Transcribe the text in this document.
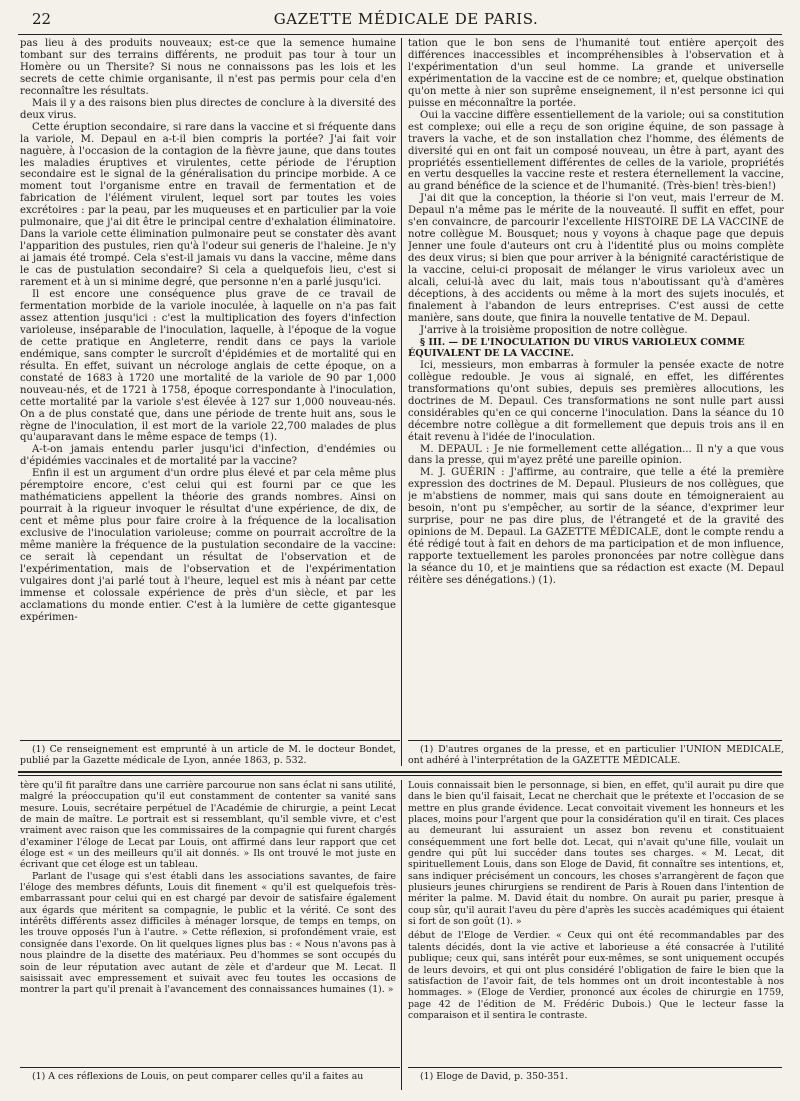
22	GAZETTE MÉDICALE DE PARIS.

pas lieu à des produits nouveaux; est-ce que la semence humaine tombant sur des terrains différents, ne produit pas tour à tour un Homère ou un Thersite? Si nous ne connaissons pas les lois et les secrets de cette chimie organisante, il n'est pas permis pour cela d'en reconnaître les résultats.

Mais il y a des raisons bien plus directes de conclure à la diversité des deux virus.

Cette éruption secondaire, si rare dans la vaccine et si fréquente dans la variole, M. Depaul en a-t-il bien compris la portée? J'ai fait voir naguère, à l'occasion de la contagion de la fièvre jaune, que dans toutes les maladies éruptives et virulentes, cette période de l'éruption secondaire est le signal de la généralisation du principe morbide. A ce moment tout l'organisme entre en travail de fermentation et de fabrication de l'élément virulent, lequel sort par toutes les voies excrétoires : par la peau, par les muqueuses et en particulier par la voie pulmonaire, que j'ai dit être le principal centre d'exhalation éliminatoire. Dans la variole cette élimination pulmonaire peut se constater dès avant l'apparition des pustules, rien qu'à l'odeur sui generis de l'haleine. Je n'y ai jamais été trompé. Cela s'est-il jamais vu dans la vaccine, même dans le cas de pustulation secondaire? Si cela a quelquefois lieu, c'est si rarement et à un si minime degré, que personne n'en a parlé jusqu'ici.

Il est encore une conséquence plus grave de ce travail de fermentation morbide de la variole inoculée, à laquelle on n'a pas fait assez attention jusqu'ici : c'est la multiplication des foyers d'infection varioleuse, inséparable de l'inoculation, laquelle, à l'époque de la vogue de cette pratique en Angleterre, rendit dans ce pays la variole endémique, sans compter le surcroît d'épidémies et de mortalité qui en résulta. En effet, suivant un nécrologe anglais de cette époque, on a constaté de 1683 à 1720 une mortalité de la variole de 90 par 1,000 nouveau-nés, et de 1721 à 1758, époque correspondante à l'inoculation, cette mortalité par la variole s'est élevée à 127 sur 1,000 nouveau-nés. On a de plus constaté que, dans une période de trente huit ans, sous le règne de l'inoculation, il est mort de la variole 22,700 malades de plus qu'auparavant dans le même espace de temps (1).

A-t-on jamais entendu parler jusqu'ici d'infection, d'endémies ou d'épidémies vaccinales et de mortalité par la vaccine?

Enfin il est un argument d'un ordre plus élevé et par cela même plus péremptoire encore, c'est celui qui est fourni par ce que les mathématiciens appellent la théorie des grands nombres. Ainsi on pourrait à la rigueur invoquer le résultat d'une expérience, de dix, de cent et même plus pour faire croire à la fréquence de la localisation exclusive de l'inoculation varioleuse; comme on pourrait accroître de la même manière la fréquence de la pustulation secondaire de la vaccine: ce serait là cependant un résultat de l'observation et de l'expérimentation, mais de l'observation et de l'expérimentation vulgaires dont j'ai parlé tout à l'heure, lequel est mis à néant par cette immense et colossale expérience de près d'un siècle, et par les acclamations du monde entier. C'est à la lumière de cette gigantesque expérimen-

tation que le bon sens de l'humanité tout entière aperçoit des différences inaccessibles et incompréhensibles à l'observation et à l'expérimentation d'un seul homme. La grande et universelle expérimentation de la vaccine est de ce nombre; et, quelque obstination qu'on mette à nier son suprême enseignement, il n'est personne ici qui puisse en méconnaître la portée.

Oui la vaccine diffère essentiellement de la variole; oui sa constitution est complexe; oui elle a reçu de son origine équine, de son passage à travers la vache, et de son installation chez l'homme, des éléments de diversité qui en ont fait un composé nouveau, un être à part, ayant des propriétés essentiellement différentes de celles de la variole, propriétés en vertu desquelles la vaccine reste et restera éternellement la vaccine, au grand bénéfice de la science et de l'humanité. (Très-bien! très-bien!)

J'ai dit que la conception, la théorie si l'on veut, mais l'erreur de M. Depaul n'a même pas le mérite de la nouveauté. Il suffit en effet, pour s'en convaincre, de parcourir l'excellente HISTOIRE DE LA VACCINE de notre collègue M. Bousquet; nous y voyons à chaque page que depuis Jenner une foule d'auteurs ont cru à l'identité plus ou moins complète des deux virus; si bien que pour arriver à la bénignité caractéristique de la vaccine, celui-ci proposait de mélanger le virus varioleux avec un alcali, celui-là avec du lait, mais tous n'aboutissant qu'à d'amères déceptions, à des accidents ou même à la mort des sujets inoculés, et finalement à l'abandon de leurs entreprises. C'est aussi de cette manière, sans doute, que finira la nouvelle tentative de M. Depaul.

J'arrive à la troisième proposition de notre collègue.

§ III. — DE L'INOCULATION DU VIRUS VARIOLEUX COMME ÉQUIVALENT DE LA VACCINE.

Ici, messieurs, mon embarras à formuler la pensée exacte de notre collègue redouble. Je vous ai signalé, en effet, les différentes transformations qu'ont subies, depuis ses premières allocutions, les doctrines de M. Depaul. Ces transformations ne sont nulle part aussi considérables qu'en ce qui concerne l'inoculation. Dans la séance du 10 décembre notre collègue a dit formellement que depuis trois ans il en était revenu à l'idée de l'inoculation.

M. DEPAUL : Je nie formellement cette allégation... Il n'y a que vous dans la presse, qui m'ayez prêté une pareille opinion.

M. J. GUÉRIN : J'affirme, au contraire, que telle a été la première expression des doctrines de M. Depaul. Plusieurs de nos collègues, que je m'abstiens de nommer, mais qui sans doute en témoigneraient au besoin, n'ont pu s'empêcher, au sortir de la séance, d'exprimer leur surprise, pour ne pas dire plus, de l'étrangeté et de la gravité des opinions de M. Depaul. La GAZETTE MÉDICALE, dont le compte rendu a été rédigé tout à fait en dehors de ma participation et de mon influence, rapporte textuellement les paroles prononcées par notre collègue dans la séance du 10, et je maintiens que sa rédaction est exacte (M. Depaul réitère ses dénégations.) (1).

(1) Ce renseignement est emprunté à un article de M. le docteur Bondet, publié par la Gazette médicale de Lyon, année 1863, p. 532.

(1) D'autres organes de la presse, et en particulier l'UNION MÉDICALE, ont adhéré à l'interprétation de la GAZETTE MÉDICALE.

tère qu'il fit paraître dans une carrière parcourue non sans éclat ni sans utilité, malgré la préoccupation qu'il eut constamment de contenter sa vanité sans mesure. Louis, secrétaire perpétuel de l'Académie de chirurgie, a peint Lecat de main de maître. Le portrait est si ressemblant, qu'il semble vivre, et c'est vraiment avec raison que les commissaires de la compagnie qui furent chargés d'examiner l'éloge de Lecat par Louis, ont affirmé dans leur rapport que cet éloge est « un des meilleurs qu'il ait donnés. » Ils ont trouvé le mot juste en écrivant que cet éloge est un tableau.

Parlant de l'usage qui s'est établi dans les associations savantes, de faire l'éloge des membres défunts, Louis dit finement « qu'il est quelquefois très-embarrassant pour celui qui en est chargé par devoir de satisfaire également aux égards que méritent sa compagnie, le public et la vérité. Ce sont des intérêts différents assez difficiles à ménager lorsque, de temps en temps, on les trouve opposés l'un à l'autre. » Cette réflexion, si profondément vraie, est consignée dans l'exorde. On lit quelques lignes plus bas : « Nous n'avons pas à nous plaindre de la disette des matériaux. Peu d'hommes se sont occupés du soin de leur réputation avec autant de zèle et d'ardeur que M. Lecat. Il saisissait avec empressement et suivait avec feu toutes les occasions de montrer la part qu'il prenait à l'avancement des connaissances humaines (1). »

Louis connaissait bien le personnage, si bien, en effet, qu'il aurait pu dire que dans le bien qu'il faisait, Lecat ne cherchait que le prétexte et l'occasion de se mettre en plus grande évidence. Lecat convoitait vivement les honneurs et les places, moins pour l'argent que pour la considération qu'il en tirait. Ces places au demeurant lui assuraient un assez bon revenu et constituaient conséquemment une fort belle dot. Lecat, qui n'avait qu'une fille, voulait un gendre qui pût lui succéder dans toutes ses charges. « M. Lecat, dit spirituellement Louis, dans son Eloge de David, fit connaître ses intentions, et, sans indiquer précisément un concours, les choses s'arrangèrent de façon que plusieurs jeunes chirurgiens se rendirent de Paris à Rouen dans l'intention de mériter la palme. M. David était du nombre. On aurait pu parier, presque à coup sûr, qu'il aurait l'aveu du père d'après les succès académiques qui étaient si fort de son goût (1). »

début de l'Eloge de Verdier. « Ceux qui ont été recommandables par des talents décidés, dont la vie active et laborieuse a été consacrée à l'utilité publique; ceux qui, sans intérêt pour eux-mêmes, se sont uniquement occupés de leurs devoirs, et qui ont plus considéré l'obligation de faire le bien que la satisfaction de l'avoir fait, de tels hommes ont un droit incontestable à nos hommages. » (Eloge de Verdier, prononcé aux écoles de chirurgie en 1759, page 42 de l'édition de M. Frédéric Dubois.) Que le lecteur fasse la comparaison et il sentira le contraste.

(1) A ces réflexions de Louis, on peut comparer celles qu'il a faites au	(1) Eloge de David, p. 350-351.
